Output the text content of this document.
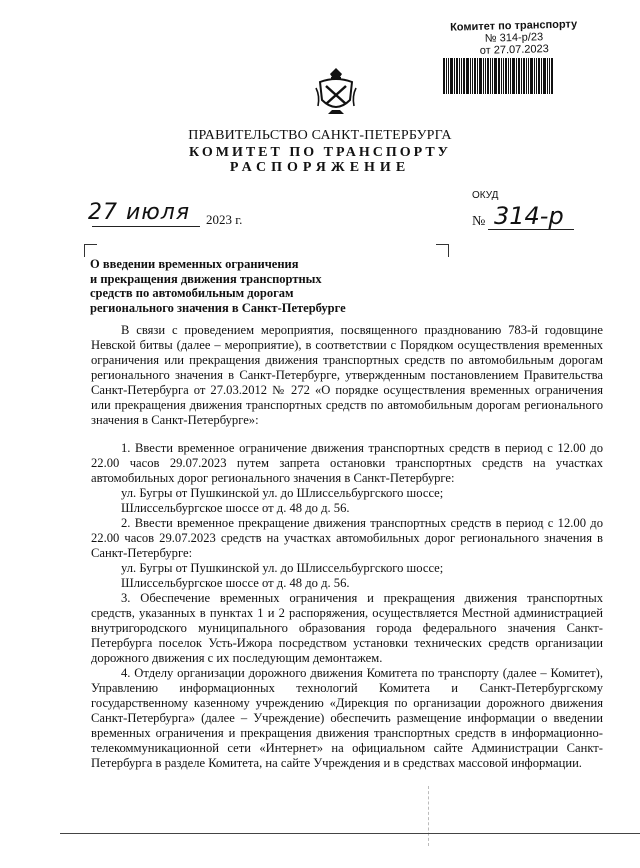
Комитет по транспорту
№ 314-р/23
от 27.07.2023
ПРАВИТЕЛЬСТВО САНКТ-ПЕТЕРБУРГА
КОМИТЕТ ПО ТРАНСПОРТУ
РАСПОРЯЖЕНИЕ
ОКУД
27 июля 2023 г.	№ 314-р
О введении временных ограничения
и прекращения движения транспортных
средств по автомобильным дорогам
регионального значения в Санкт-Петербурге

В связи с проведением мероприятия, посвященного празднованию 783-й годовщине Невской битвы (далее – мероприятие), в соответствии с Порядком осуществления временных ограничения или прекращения движения транспортных средств по автомобильным дорогам регионального значения в Санкт-Петербурге, утвержденным постановлением Правительства Санкт-Петербурга от 27.03.2012 № 272 «О порядке осуществления временных ограничения или прекращения движения транспортных средств по автомобильным дорогам регионального значения в Санкт-Петербурге»:

1. Ввести временное ограничение движения транспортных средств в период с 12.00 до 22.00 часов 29.07.2023 путем запрета остановки транспортных средств на участках автомобильных дорог регионального значения в Санкт-Петербурге:

ул. Бугры от Пушкинской ул. до Шлиссельбургского шоссе;

Шлиссельбургское шоссе от д. 48 до д. 56.

2. Ввести временное прекращение движения транспортных средств в период с 12.00 до 22.00 часов 29.07.2023 средств на участках автомобильных дорог регионального значения в Санкт-Петербурге:

ул. Бугры от Пушкинской ул. до Шлиссельбургского шоссе;

Шлиссельбургское шоссе от д. 48 до д. 56.

3. Обеспечение временных ограничения и прекращения движения транспортных средств, указанных в пунктах 1 и 2 распоряжения, осуществляется Местной администрацией внутригородского муниципального образования города федерального значения Санкт-Петербурга поселок Усть-Ижора посредством установки технических средств организации дорожного движения с их последующим демонтажем.

4. Отделу организации дорожного движения Комитета по транспорту (далее – Комитет), Управлению информационных технологий Комитета и Санкт-Петербургскому государственному казенному учреждению «Дирекция по организации дорожного движения Санкт-Петербурга» (далее – Учреждение) обеспечить размещение информации о введении временных ограничения и прекращения движения транспортных средств в информационно-телекоммуникационной сети «Интернет» на официальном сайте Администрации Санкт-Петербурга в разделе Комитета, на сайте Учреждения и в средствах массовой информации.
